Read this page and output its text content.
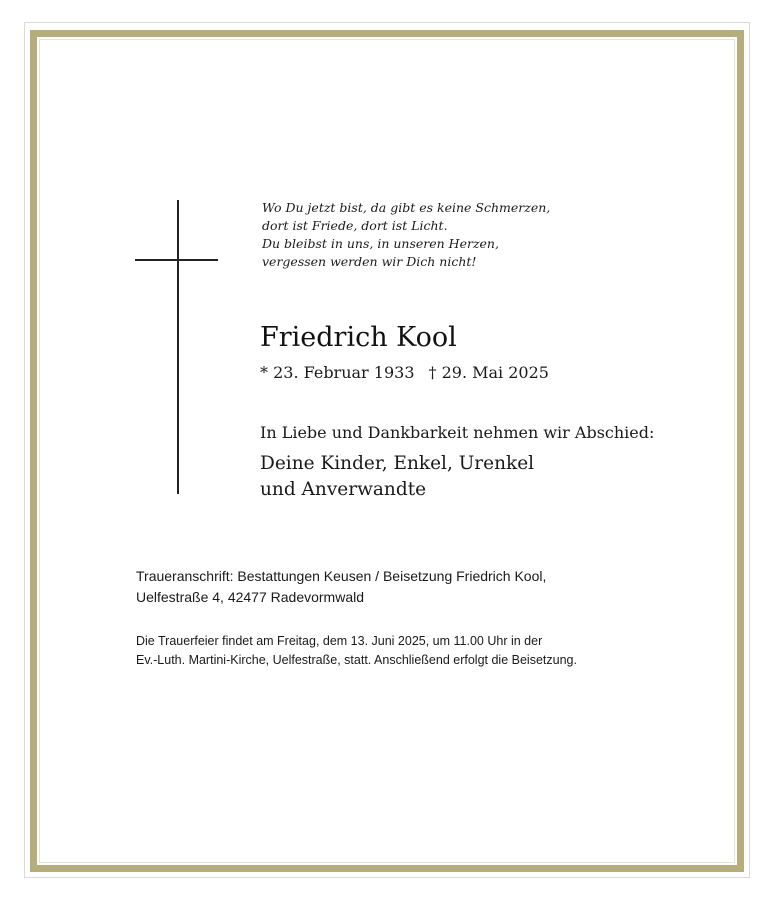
Wo Du jetzt bist, da gibt es keine Schmerzen,
dort ist Friede, dort ist Licht.
Du bleibst in uns, in unseren Herzen,
vergessen werden wir Dich nicht!
Friedrich Kool
* 23. Februar 1933 † 29. Mai 2025
In Liebe und Dankbarkeit nehmen wir Abschied:
Deine Kinder, Enkel, Urenkel
und Anverwandte
Traueranschrift: Bestattungen Keusen / Beisetzung Friedrich Kool,
Uelfestraße 4, 42477 Radevormwald
Die Trauerfeier findet am Freitag, dem 13. Juni 2025, um 11.00 Uhr in der
Ev.-Luth. Martini-Kirche, Uelfestraße, statt. Anschließend erfolgt die Beisetzung.
